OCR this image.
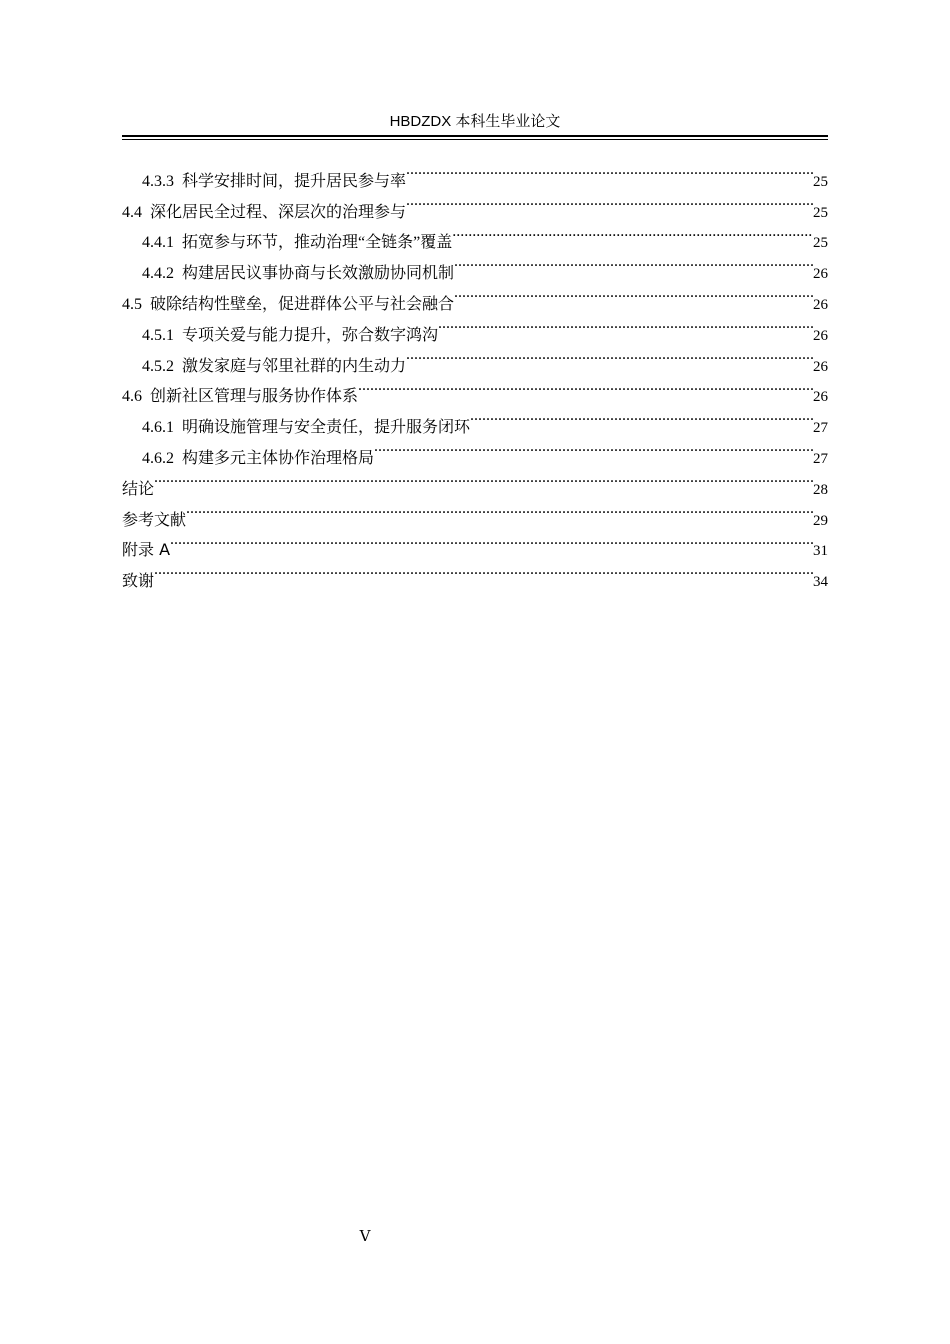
HBDZDX 本科生毕业论文
4.3.3 科学安排时间，提升居民参与率 .....	25
4.4 深化居民全过程、深层次的治理参与 .....	25
4.4.1 拓宽参与环节，推动治理“全链条”覆盖 .....	25
4.4.2 构建居民议事协商与长效激励协同机制 .....	26
4.5 破除结构性壁垒，促进群体公平与社会融合 .....	26
4.5.1 专项关爱与能力提升，弥合数字鸿沟 .....	26
4.5.2 激发家庭与邻里社群的内生动力 .....	26
4.6 创新社区管理与服务协作体系 .....	26
4.6.1 明确设施管理与安全责任，提升服务闭环 .....	27
4.6.2 构建多元主体协作治理格局 .....	27
结论 .....	28
参考文献 .....	29
附录 A .....	31
致谢 .....	34
V
